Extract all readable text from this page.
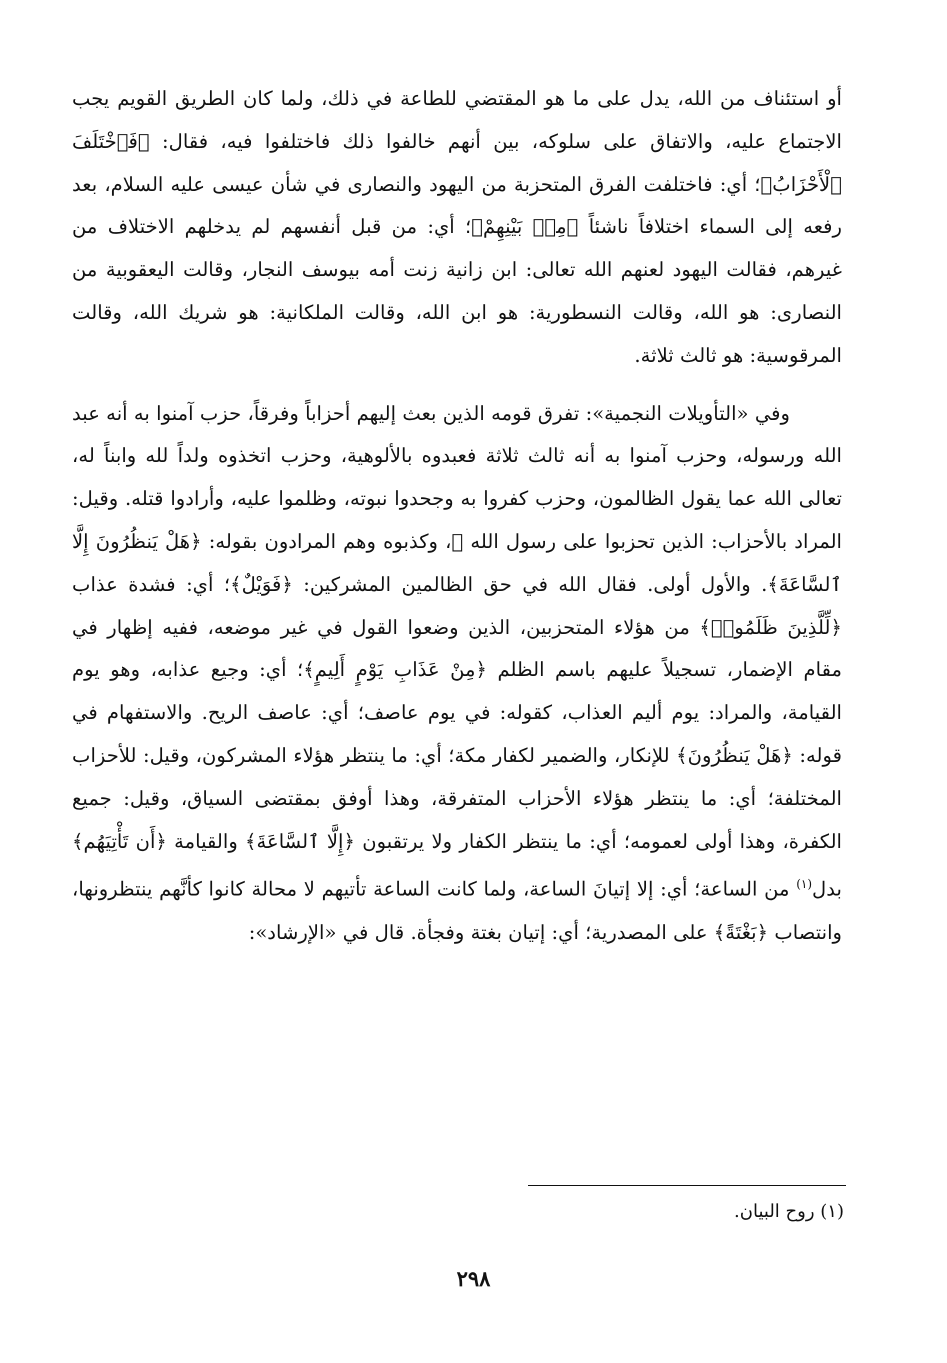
أو استئناف من الله، يدل على ما هو المقتضي للطاعة في ذلك، ولما كان الطريق القويم يجب الاجتماع عليه، والاتفاق على سلوكه، بين أنهم خالفوا ذلك فاختلفوا فيه، فقال: ﴿فَٱخْتَلَفَ ٱلْأَحْزَابُ﴾؛ أي: فاختلفت الفرق المتحزبة من اليهود والنصارى في شأن عيسى عليه السلام، بعد رفعه إلى السماء اختلافاً ناشئاً ﴿مِنۢ بَيْنِهِمْ﴾؛ أي: من قبل أنفسهم لم يدخلهم الاختلاف من غيرهم، فقالت اليهود لعنهم الله تعالى: ابن زانية زنت أمه بيوسف النجار، وقالت اليعقوبية من النصارى: هو الله، وقالت النسطورية: هو ابن الله، وقالت الملكانية: هو شريك الله، وقالت المرقوسية: هو ثالث ثلاثة.

وفي «التأويلات النجمية»: تفرق قومه الذين بعث إليهم أحزاباً وفرقاً، حزب آمنوا به أنه عبد الله ورسوله، وحزب آمنوا به أنه ثالث ثلاثة فعبدوه بالألوهية، وحزب اتخذوه ولداً لله وابناً له، تعالى الله عما يقول الظالمون، وحزب كفروا به وجحدوا نبوته، وظلموا عليه، وأرادوا قتله. وقيل: المراد بالأحزاب: الذين تحزبوا على رسول الله ﷺ، وكذبوه وهم المرادون بقوله: ﴿هَلْ يَنظُرُونَ إِلَّا ٱلسَّاعَةَ﴾. والأول أولى. فقال الله في حق الظالمين المشركين: ﴿فَوَيْلٌ﴾؛ أي: فشدة عذاب ﴿لِّلَّذِينَ ظَلَمُوا۟﴾ من هؤلاء المتحزبين، الذين وضعوا القول في غير موضعه، ففيه إظهار في مقام الإضمار، تسجيلاً عليهم باسم الظلم ﴿مِنْ عَذَابِ يَوْمٍ أَلِيمٍ﴾؛ أي: وجيع عذابه، وهو يوم القيامة، والمراد: يوم أليم العذاب، كقوله: في يوم عاصف؛ أي: عاصف الريح. والاستفهام في قوله: ﴿هَلْ يَنظُرُونَ﴾ للإنكار، والضمير لكفار مكة؛ أي: ما ينتظر هؤلاء المشركون، وقيل: للأحزاب المختلفة؛ أي: ما ينتظر هؤلاء الأحزاب المتفرقة، وهذا أوفق بمقتضى السياق، وقيل: جميع الكفرة، وهذا أولى لعمومه؛ أي: ما ينتظر الكفار ولا يرتقبون ﴿إِلَّا ٱلسَّاعَةَ﴾ والقيامة ﴿أَن تَأْتِيَهُم﴾ بدل$^{(١)}$ من الساعة؛ أي: إلا إتيانَ الساعة، ولما كانت الساعة تأتيهم لا محالة كانوا كأنَّهم ينتظرونها، وانتصاب ﴿بَغْتَةً﴾ على المصدرية؛ أي: إتيان بغتة وفجأة. قال في «الإرشاد»:

(١) روح البيان.
٢٩٨
